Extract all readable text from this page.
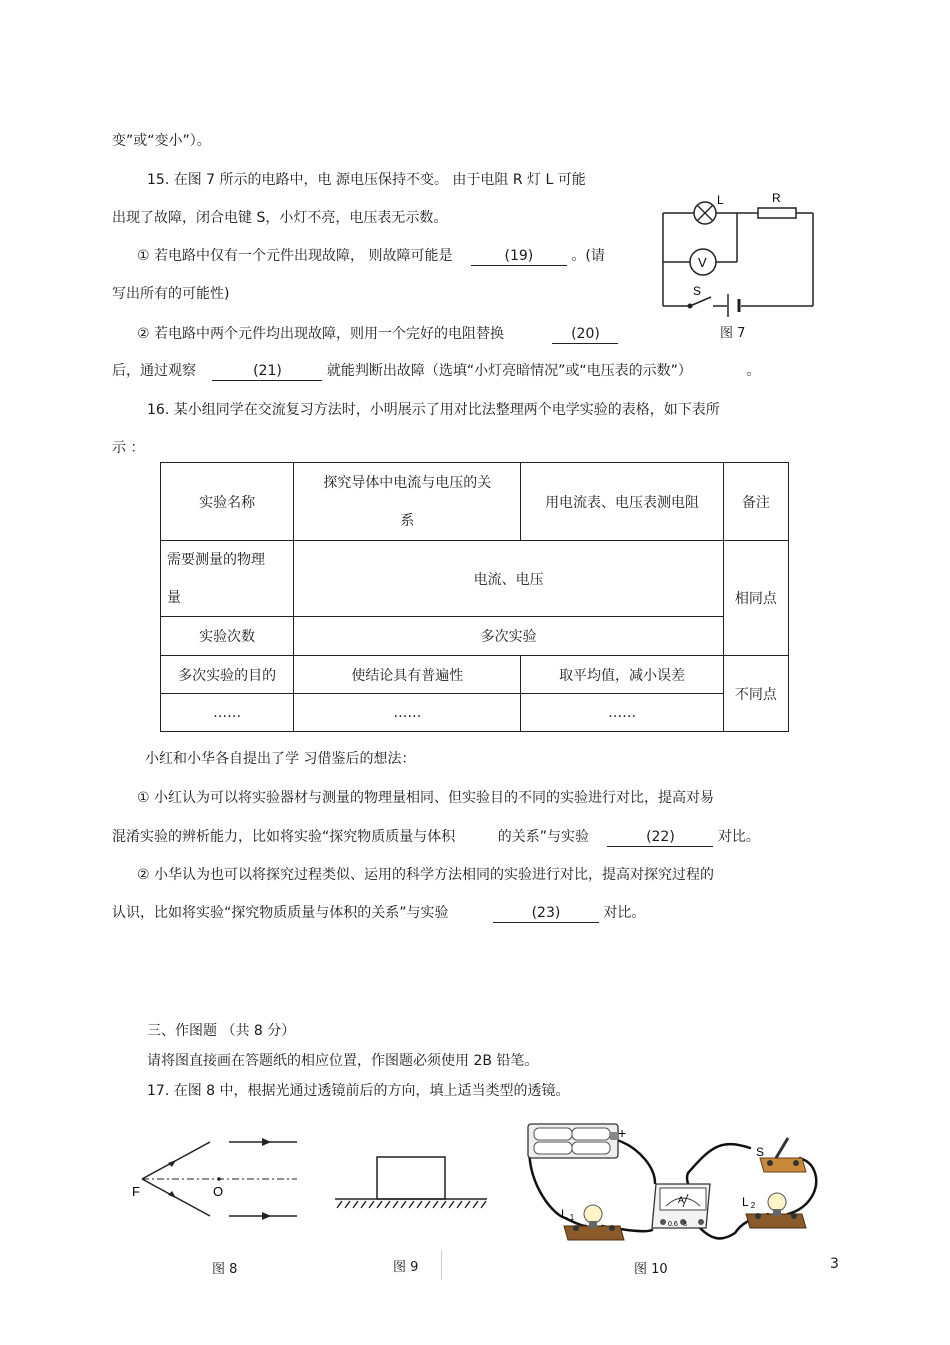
变”或“变小”）。
15. 在图 7 所示的电路中，电 源电压保持不变。 由于电阻 R 灯 L 可能
出现了故障，闭合电键 S，小灯不亮，电压表无示数。
① 若电路中仅有一个元件出现故障， 则故障可能是	(19)	。(请
写出所有的可能性)
② 若电路中两个元件均出现故障，则用一个完好的电阻替换	(20)
后，通过观察	(21)	就能判断出故障（选填“小灯亮暗情况”或“电压表的示数”）	。
16. 某小组同学在交流复习方法时，小明展示了用对比法整理两个电学实验的表格，如下表所
示 ：
实验名称	探究导体中电流与电压的关
系	用电流表、电压表测电阻	备注

需要测量的物理
量	电流、电压		相同点
实验次数	多次实验		
多次实验的目的	使结论具有普遍性	取平均值，减小误差	不同点
……	……	……	
小红和小华各自提出了学 习借鉴后的想法：
① 小红认为可以将实验器材与测量的物理量相同、但实验目的不同的实验进行对比，提高对易
混淆实验的辨析能力，比如将实验“探究物质质量与体积	的关系”与实验	(22)	对比。
② 小华认为也可以将探究过程类似、运用的科学方法相同的实验进行对比，提高对探究过程的
认识，比如将实验“探究物质质量与体积的关系”与实验	(23)	对比。
三、作图题 （共 8 分）
请将图直接画在答题纸的相应位置，作图题必须使用 2B 铅笔。
17. 在图 8 中，根据光通过透镜前后的方向，填上适当类型的透镜。
L	R
V
S
图 7
F	O
图 8	图 9
+
A
0.6 3
L 1
L 2
S
图 10	3
